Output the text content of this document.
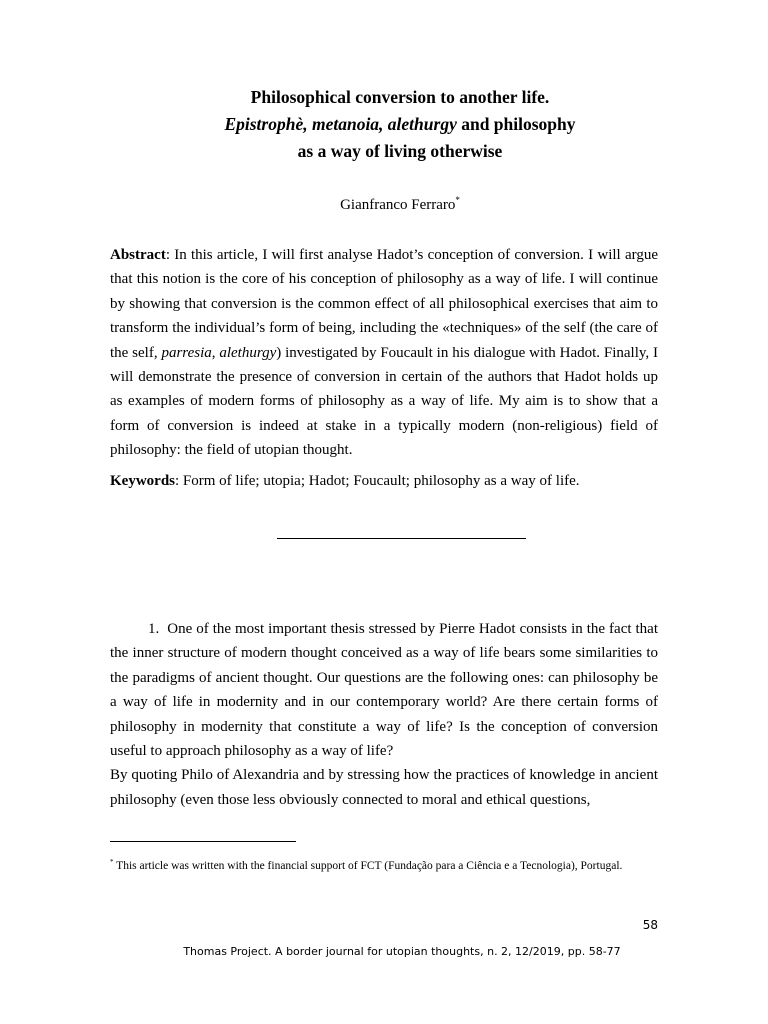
Philosophical conversion to another life.
Epistrophè, metanoia, alethurgy and philosophy
as a way of living otherwise
Gianfranco Ferraro*
Abstract: In this article, I will first analyse Hadot’s conception of conversion. I will argue that this notion is the core of his conception of philosophy as a way of life. I will continue by showing that conversion is the common effect of all philosophical exercises that aim to transform the individual’s form of being, including the «techniques» of the self (the care of the self, parresia, alethurgy) investigated by Foucault in his dialogue with Hadot. Finally, I will demonstrate the presence of conversion in certain of the authors that Hadot holds up as examples of modern forms of philosophy as a way of life. My aim is to show that a form of conversion is indeed at stake in a typically modern (non-religious) field of philosophy: the field of utopian thought.
Keywords: Form of life; utopia; Hadot; Foucault; philosophy as a way of life.

1.  One of the most important thesis stressed by Pierre Hadot consists in the fact that the inner structure of modern thought conceived as a way of life bears some similarities to the paradigms of ancient thought. Our questions are the following ones: can philosophy be a way of life in modernity and in our contemporary world? Are there certain forms of philosophy in modernity that constitute a way of life? Is the conception of conversion useful to approach philosophy as a way of life?

By quoting Philo of Alexandria and by stressing how the practices of knowledge in ancient philosophy (even those less obviously connected to moral and ethical questions,

* This article was written with the financial support of FCT (Fundação para a Ciência e a Tecnologia), Portugal.
58
Thomas Project. A border journal for utopian thoughts, n. 2, 12/2019, pp. 58-77
